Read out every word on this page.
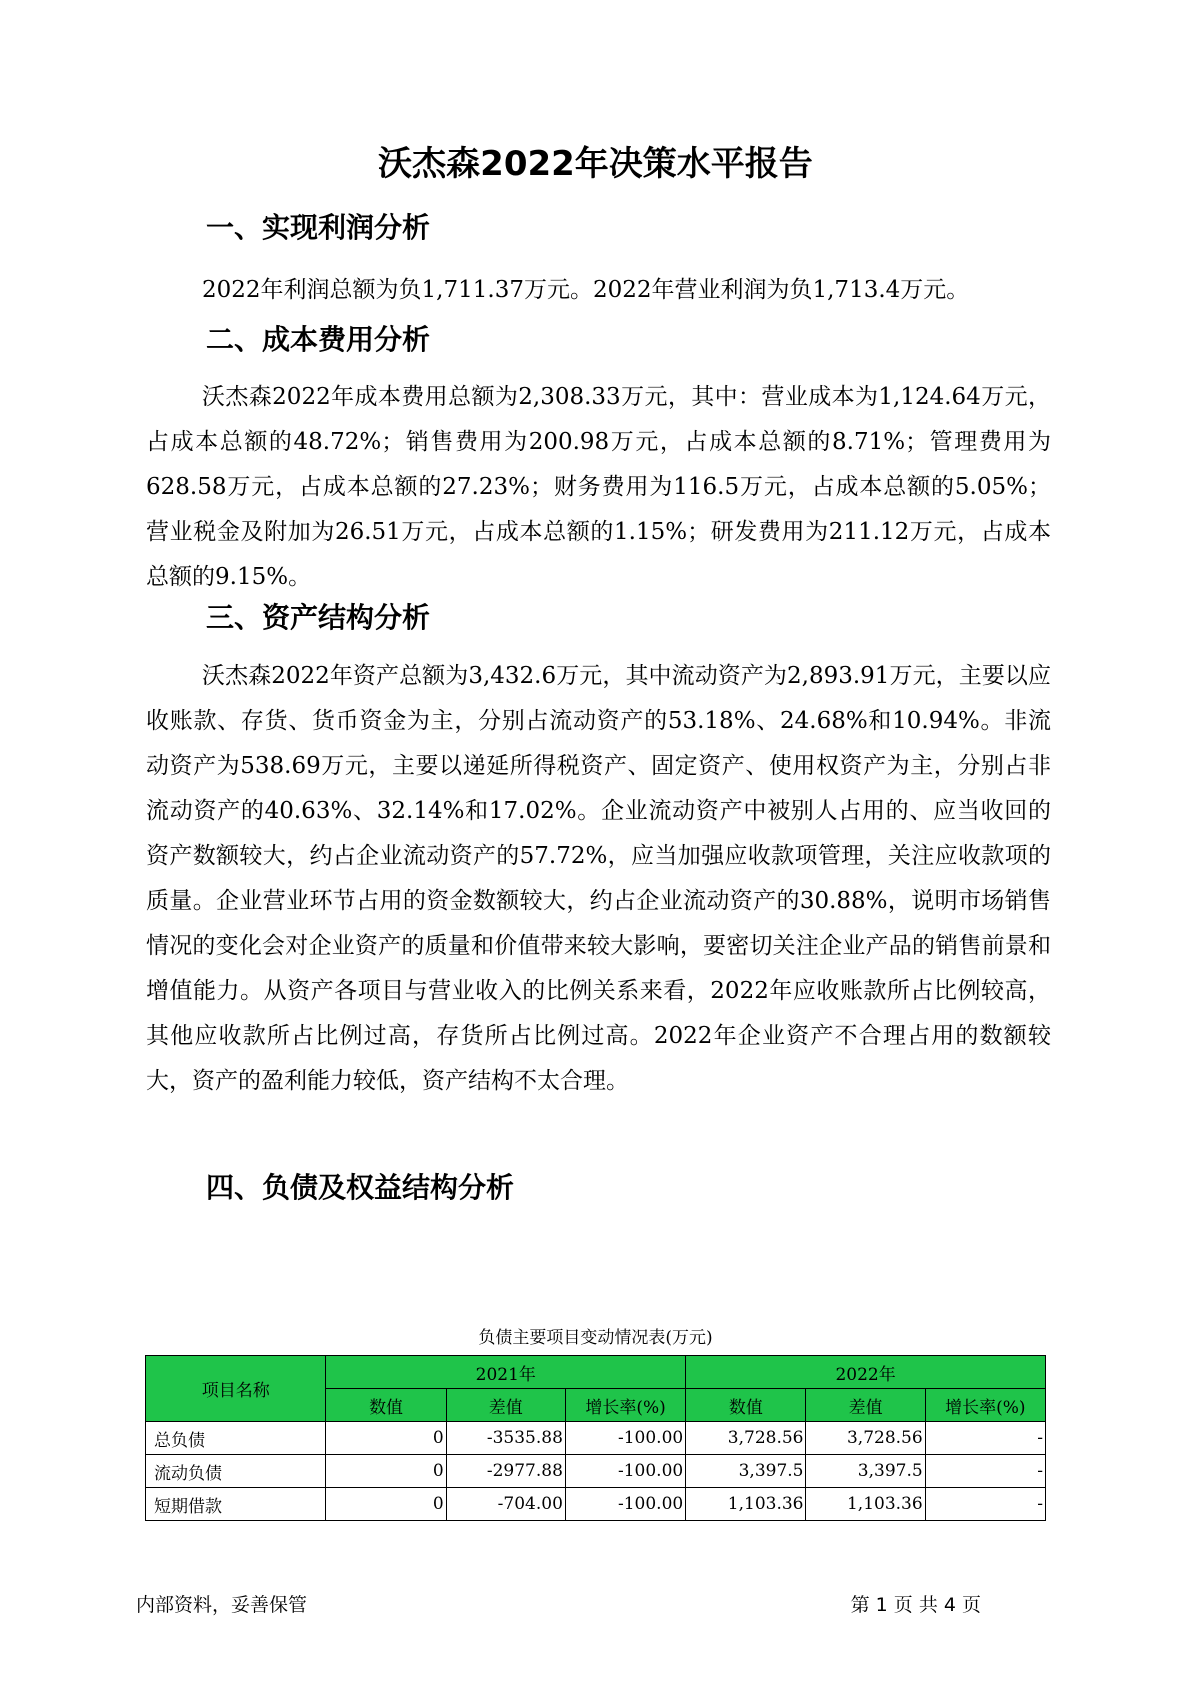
沃杰森2022年决策水平报告
一、实现利润分析

2022年利润总额为负1,711.37万元。2022年营业利润为负1,713.4万元。

二、成本费用分析

沃杰森2022年成本费用总额为2,308.33万元，其中：营业成本为1,124.64万元，占成本总额的48.72%；销售费用为200.98万元，占成本总额的8.71%；管理费用为628.58万元，占成本总额的27.23%；财务费用为116.5万元，占成本总额的5.05%；营业税金及附加为26.51万元，占成本总额的1.15%；研发费用为211.12万元，占成本总额的9.15%。

三、资产结构分析

沃杰森2022年资产总额为3,432.6万元，其中流动资产为2,893.91万元，主要以应收账款、存货、货币资金为主，分别占流动资产的53.18%、24.68%和10.94%。非流动资产为538.69万元，主要以递延所得税资产、固定资产、使用权资产为主，分别占非流动资产的40.63%、32.14%和17.02%。企业流动资产中被别人占用的、应当收回的资产数额较大，约占企业流动资产的57.72%，应当加强应收款项管理，关注应收款项的质量。企业营业环节占用的资金数额较大，约占企业流动资产的30.88%，说明市场销售情况的变化会对企业资产的质量和价值带来较大影响，要密切关注企业产品的销售前景和增值能力。从资产各项目与营业收入的比例关系来看，2022年应收账款所占比例较高，其他应收款所占比例过高，存货所占比例过高。2022年企业资产不合理占用的数额较大，资产的盈利能力较低，资产结构不太合理。

四、负债及权益结构分析
负债主要项目变动情况表(万元)
项目名称	2021年			2022年		
	数值	差值	增长率(%)	数值	差值	增长率(%)
总负债	0	-3535.88	-100.00	3,728.56	3,728.56	-
流动负债	0	-2977.88	-100.00	3,397.5	3,397.5	-
短期借款	0	-704.00	-100.00	1,103.36	1,103.36	-
内部资料，妥善保管	第 1 页 共 4 页
